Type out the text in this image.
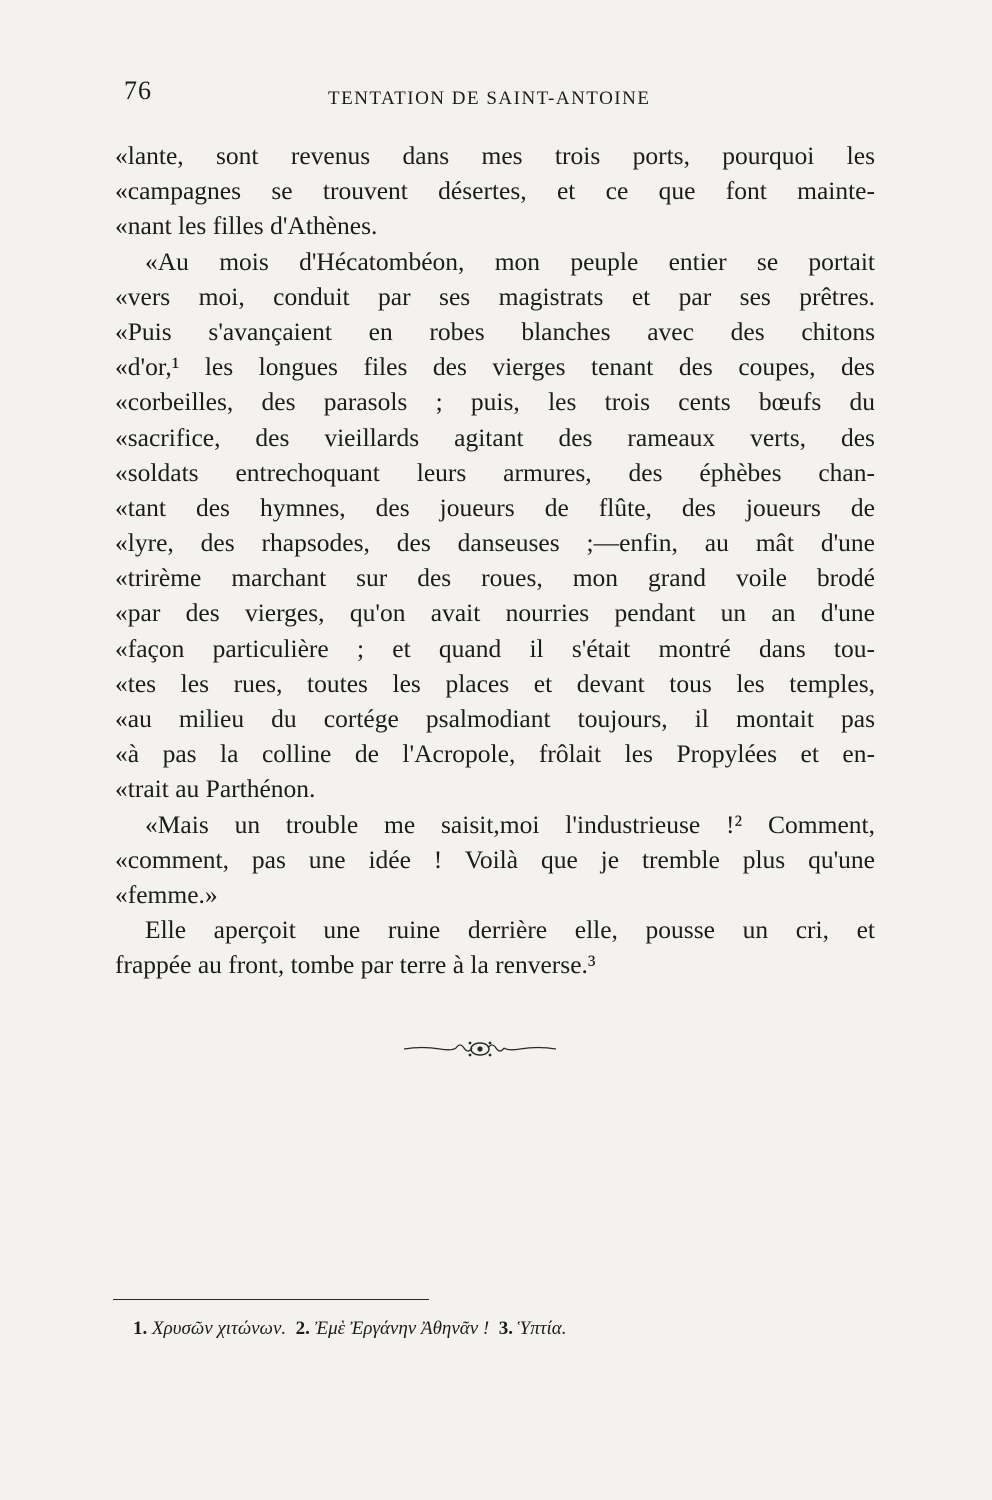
76	TENTATION DE SAINT-ANTOINE
«lante, sont revenus dans mes trois ports, pourquoi les
«campagnes se trouvent désertes, et ce que font mainte-
«nant les filles d'Athènes.
«Au mois d'Hécatombéon, mon peuple entier se portait
«vers moi, conduit par ses magistrats et par ses prêtres.
«Puis s'avançaient en robes blanches avec des chitons
«d'or,¹ les longues files des vierges tenant des coupes, des
«corbeilles, des parasols ; puis, les trois cents bœufs du
«sacrifice, des vieillards agitant des rameaux verts, des
«soldats entrechoquant leurs armures, des éphèbes chan-
«tant des hymnes, des joueurs de flûte, des joueurs de
«lyre, des rhapsodes, des danseuses ;—enfin, au mât d'une
«trirème marchant sur des roues, mon grand voile brodé
«par des vierges, qu'on avait nourries pendant un an d'une
«façon particulière ; et quand il s'était montré dans tou-
«tes les rues, toutes les places et devant tous les temples,
«au milieu du cortége psalmodiant toujours, il montait pas
«à pas la colline de l'Acropole, frôlait les Propylées et en-
«trait au Parthénon.
«Mais un trouble me saisit,moi l'industrieuse !² Comment,
«comment, pas une idée ! Voilà que je tremble plus qu'une
«femme.»
Elle aperçoit une ruine derrière elle, pousse un cri, et
frappée au front, tombe par terre à la renverse.³
1. Χρυσῶν χιτώνων. 2. Ἐμὲ Ἐργάνην Ἀθηνᾶν ! 3. Ὑπτία.
